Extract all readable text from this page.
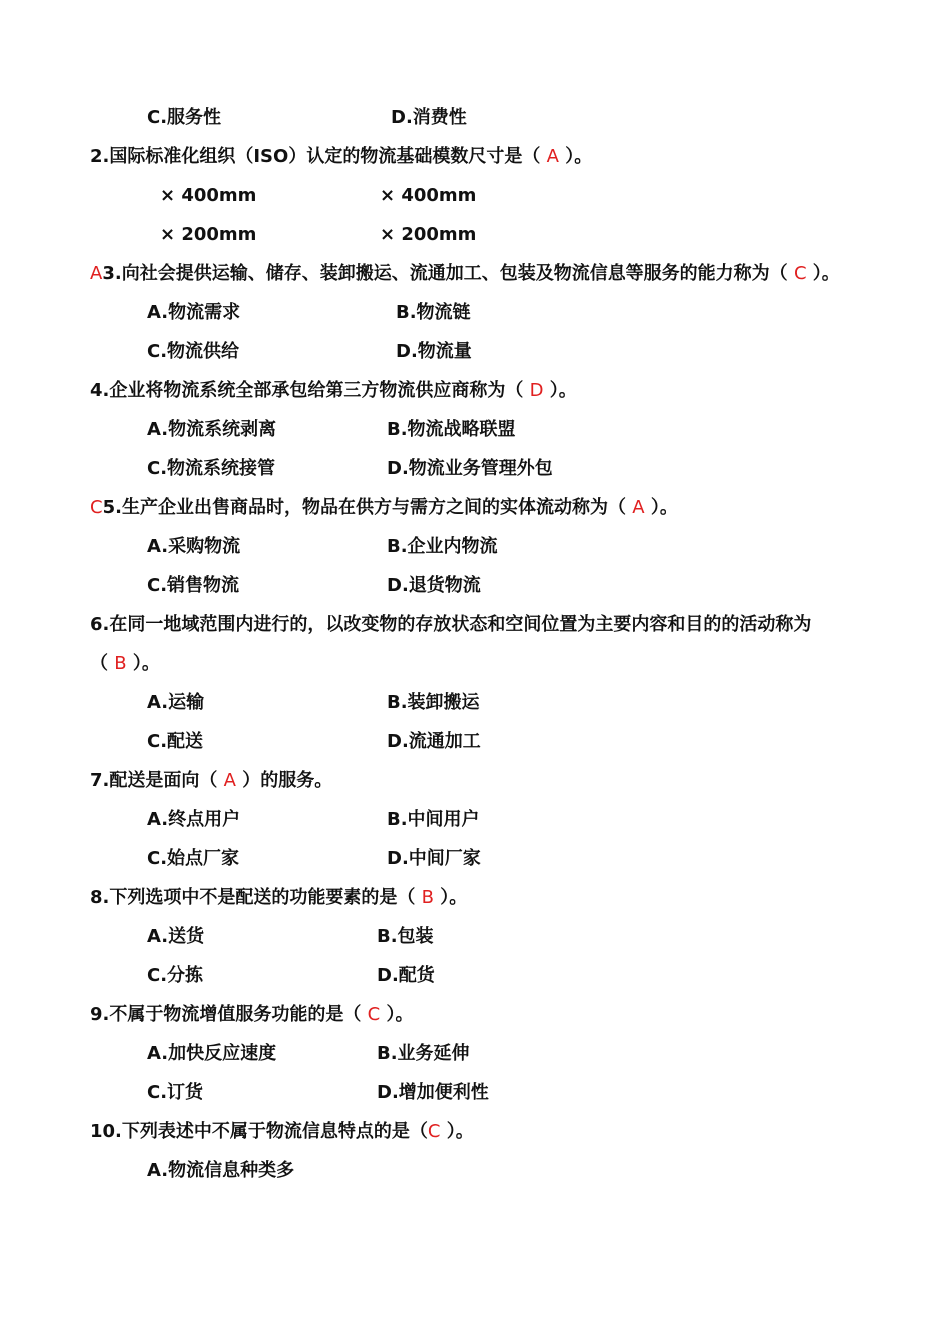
C.服务性	D.消费性
2.国际标准化组织（ISO）认定的物流基础模数尺寸是（ A ）。
× 400mm	× 400mm
× 200mm	× 200mm
A3.向社会提供运输、储存、装卸搬运、流通加工、包装及物流信息等服务的能力称为（ C ）。
A.物流需求	B.物流链
C.物流供给	D.物流量
4.企业将物流系统全部承包给第三方物流供应商称为（ D ）。
A.物流系统剥离	B.物流战略联盟
C.物流系统接管	D.物流业务管理外包
C5.生产企业出售商品时，物品在供方与需方之间的实体流动称为（ A ）。
A.采购物流	B.企业内物流
C.销售物流	D.退货物流
6.在同一地域范围内进行的，以改变物的存放状态和空间位置为主要内容和目的的活动称为
（ B ）。
A.运输	B.装卸搬运
C.配送	D.流通加工
7.配送是面向（ A ）的服务。
A.终点用户	B.中间用户
C.始点厂家	D.中间厂家
8.下列选项中不是配送的功能要素的是（ B ）。
A.送货	B.包装
C.分拣	D.配货
9.不属于物流增值服务功能的是（ C ）。
A.加快反应速度	B.业务延伸
C.订货	D.增加便利性
10.下列表述中不属于物流信息特点的是（C ）。
A.物流信息种类多
